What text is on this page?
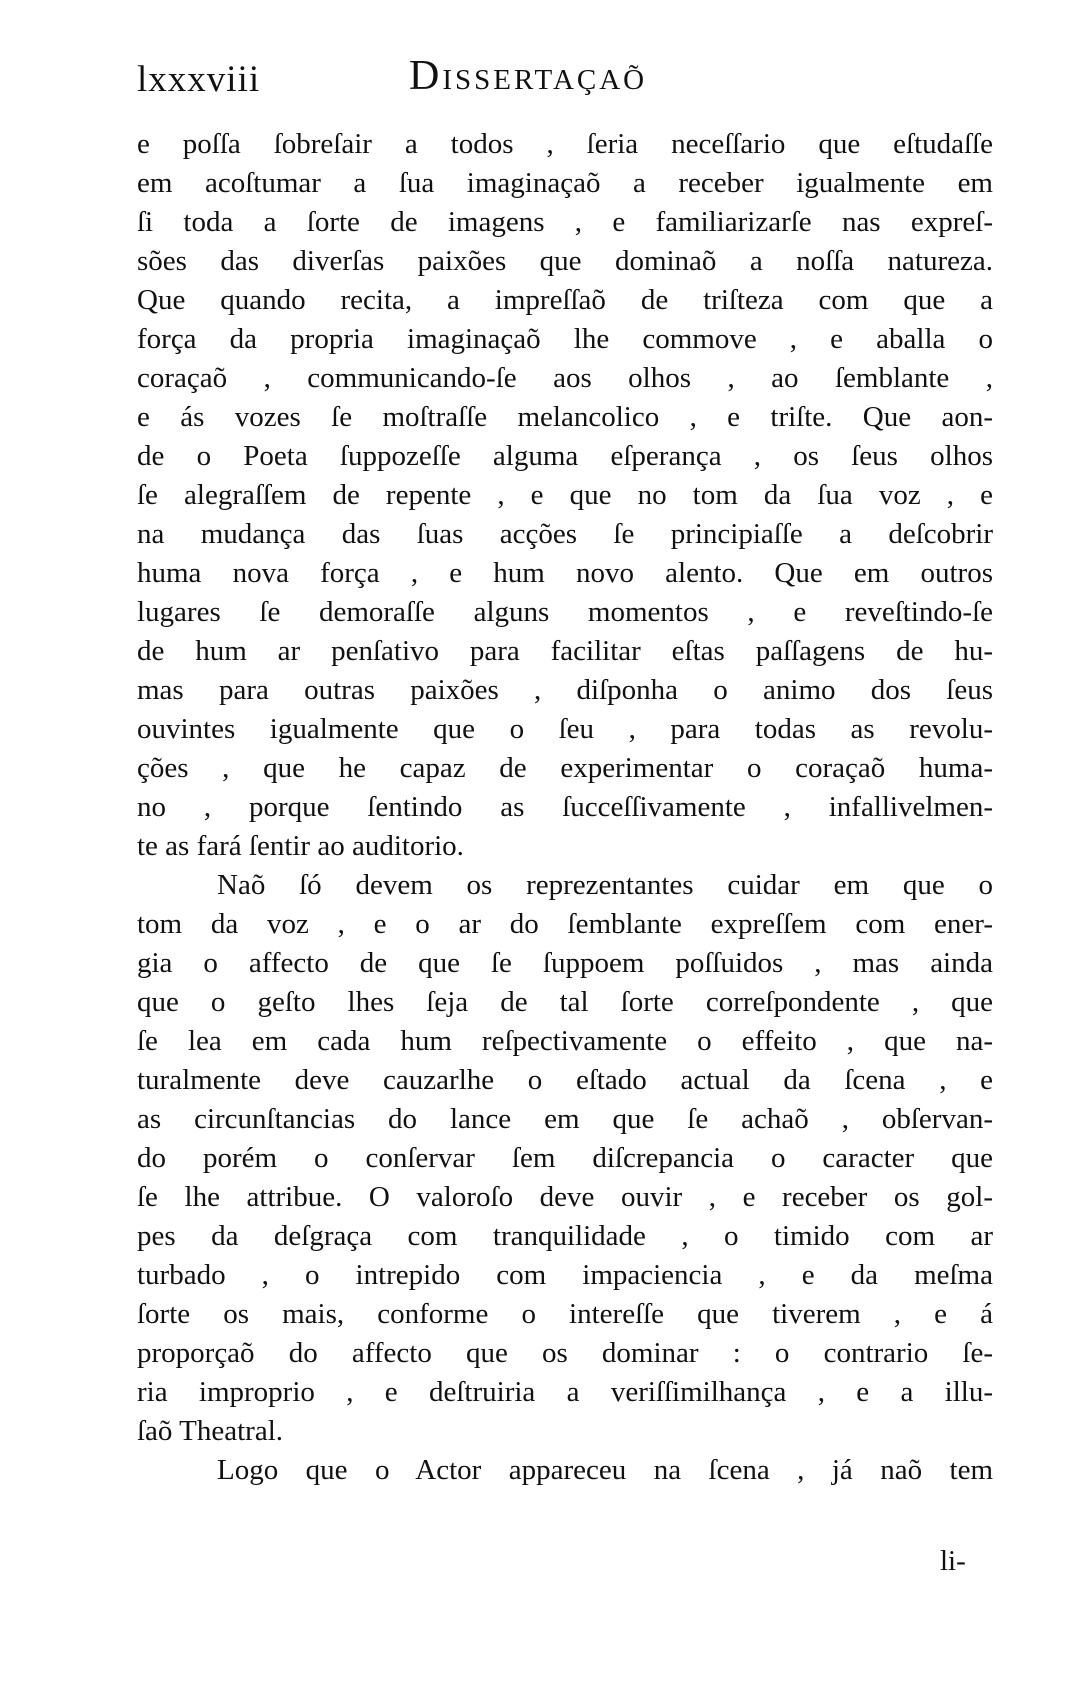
lxxxviii	Dissertaçaõ
e poſſa ſobreſair a todos , ſeria neceſſario que eſtudaſſe
em acoſtumar a ſua imaginaçaõ a receber igualmente em
ſi toda a ſorte de imagens , e familiarizarſe nas expreſ-
sões das diverſas paixões que dominaõ a noſſa natureza.
Que quando recita, a impreſſaõ de triſteza com que a
força da propria imaginaçaõ lhe commove , e aballa o
coraçaõ , communicando-ſe aos olhos , ao ſemblante ,
e ás vozes ſe moſtraſſe melancolico , e triſte. Que aon-
de o Poeta ſuppozeſſe alguma eſperança , os ſeus olhos
ſe alegraſſem de repente , e que no tom da ſua voz , e
na mudança das ſuas acções ſe principiaſſe a deſcobrir
huma nova força , e hum novo alento. Que em outros
lugares ſe demoraſſe alguns momentos , e reveſtindo-ſe
de hum ar penſativo para facilitar eſtas paſſagens de hu-
mas para outras paixões , diſponha o animo dos ſeus
ouvintes igualmente que o ſeu , para todas as revolu-
ções , que he capaz de experimentar o coraçaõ huma-
no , porque ſentindo as ſucceſſivamente , infallivelmen-
te as fará ſentir ao auditorio.
Naõ ſó devem os reprezentantes cuidar em que o
tom da voz , e o ar do ſemblante expreſſem com ener-
gia o affecto de que ſe ſuppoem poſſuidos , mas ainda
que o geſto lhes ſeja de tal ſorte correſpondente , que
ſe lea em cada hum reſpectivamente o effeito , que na-
turalmente deve cauzarlhe o eſtado actual da ſcena , e
as circunſtancias do lance em que ſe achaõ , obſervan-
do porém o conſervar ſem diſcrepancia o caracter que
ſe lhe attribue. O valoroſo deve ouvir , e receber os gol-
pes da deſgraça com tranquilidade , o timido com ar
turbado , o intrepido com impaciencia , e da meſma
ſorte os mais, conforme o intereſſe que tiverem , e á
proporçaõ do affecto que os dominar : o contrario ſe-
ria improprio , e deſtruiria a veriſſimilhança , e a illu-
ſaõ Theatral.
Logo que o Actor appareceu na ſcena , já naõ tem
li-
